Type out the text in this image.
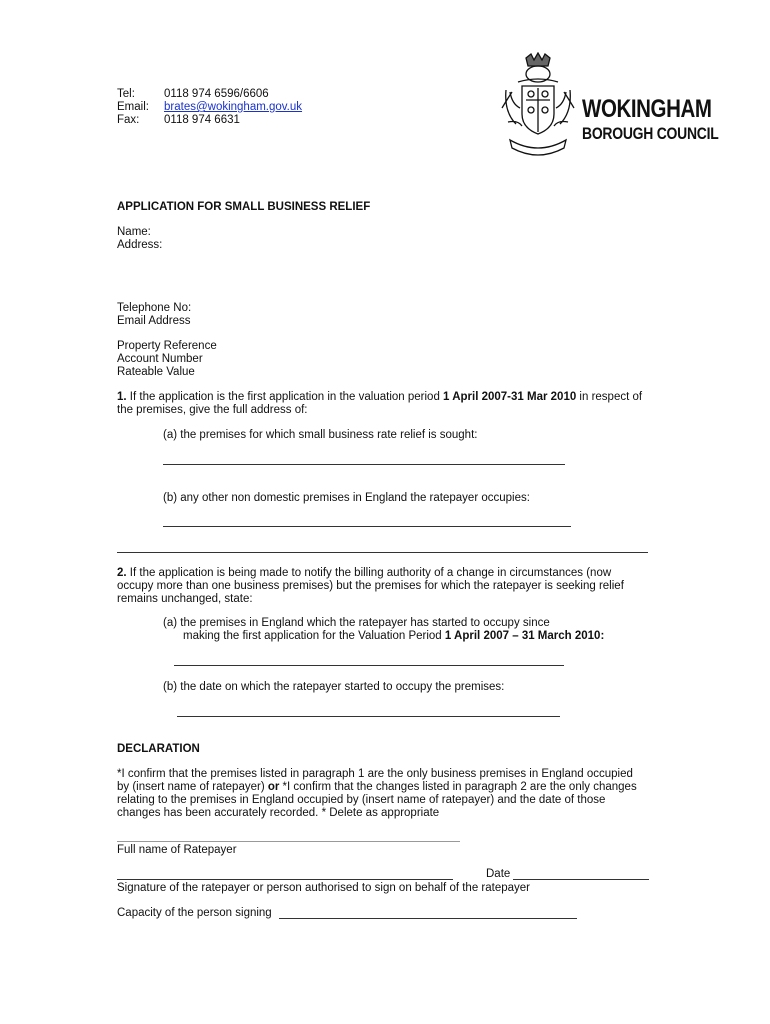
Tel:	0118 974 6596/6606
Email: brates@wokingham.gov.uk
Fax: 0118 974 6631	WOKINGHAM
BOROUGH COUNCIL
APPLICATION FOR SMALL BUSINESS RELIEF
Name:
Address:
Telephone No:
Email Address
Property Reference
Account Number
Rateable Value
1. If the application is the first application in the valuation period 1 April 2007-31 Mar 2010 in respect of
the premises, give the full address of:
(a) the premises for which small business rate relief is sought:
(b) any other non domestic premises in England the ratepayer occupies:
2. If the application is being made to notify the billing authority of a change in circumstances (now
occupy more than one business premises) but the premises for which the ratepayer is seeking relief
remains unchanged, state:
(a) the premises in England which the ratepayer has started to occupy since
making the first application for the Valuation Period 1 April 2007 – 31 March 2010:
(b) the date on which the ratepayer started to occupy the premises:
DECLARATION
*I confirm that the premises listed in paragraph 1 are the only business premises in England occupied
by (insert name of ratepayer) or *I confirm that the changes listed in paragraph 2 are the only changes
relating to the premises in England occupied by (insert name of ratepayer) and the date of those
changes has been accurately recorded. * Delete as appropriate
Full name of Ratepayer
Date
Signature of the ratepayer or person authorised to sign on behalf of the ratepayer
Capacity of the person signing
